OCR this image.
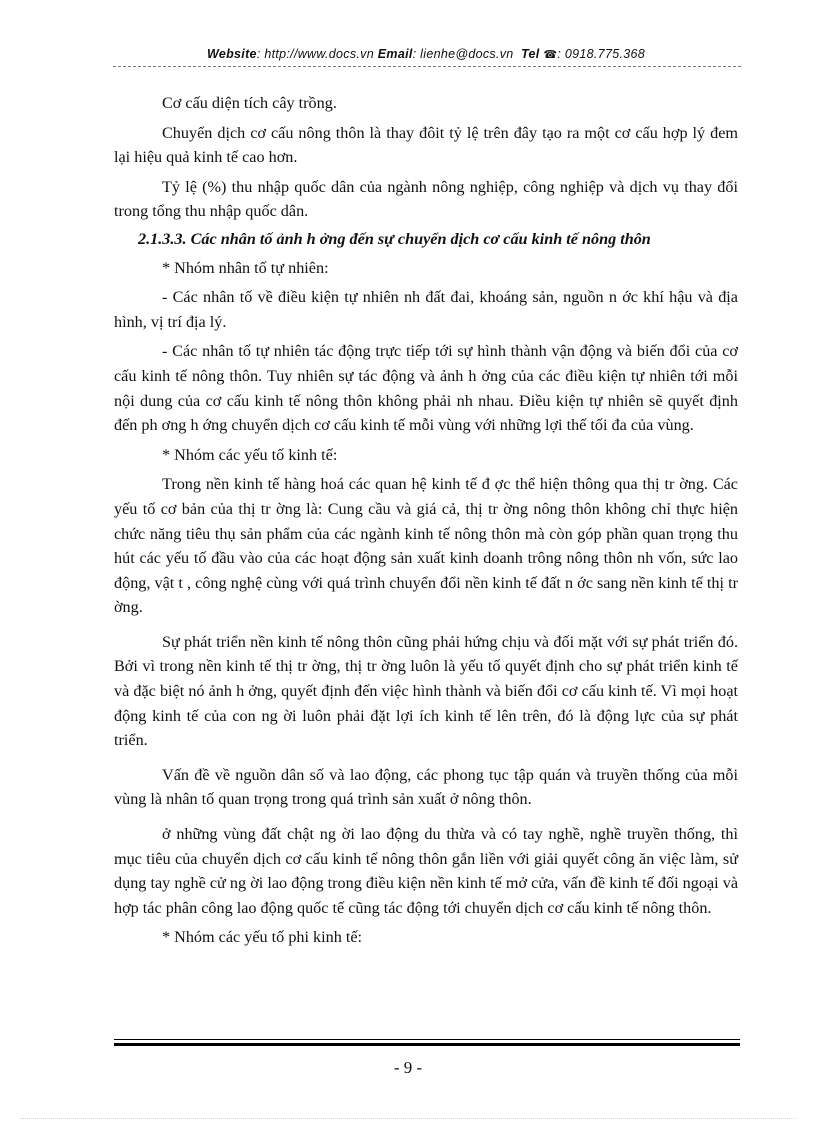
Website: http://www.docs.vn Email: lienhe@docs.vn Tel ☎: 0918.775.368

Cơ cấu diện tích cây trồng.

Chuyển dịch cơ cấu nông thôn là thay đôit tỷ lệ trên đây tạo ra một cơ cấu hợp lý đem lại hiệu quả kinh tế cao hơn.

Tỷ lệ (%) thu nhập quốc dân của ngành nông nghiệp, công nghiệp và dịch vụ thay đổi trong tổng thu nhập quốc dân.

2.1.3.3. Các nhân tố ảnh h ởng đến sự chuyển dịch cơ cấu kinh tế nông thôn

* Nhóm nhân tố tự nhiên:

- Các nhân tố về điều kiện tự nhiên nh đất đai, khoáng sản, nguồn n ớc khí hậu và địa hình, vị trí địa lý.

- Các nhân tố tự nhiên tác động trực tiếp tới sự hình thành vận động và biến đổi của cơ cấu kinh tế nông thôn. Tuy nhiên sự tác động và ảnh h ởng của các điều kiện tự nhiên tới mỗi nội dung của cơ cấu kinh tế nông thôn không phải nh nhau. Điều kiện tự nhiên sẽ quyết định đến ph ơng h ớng chuyển dịch cơ cấu kinh tế mỗi vùng với những lợi thế tối đa của vùng.

* Nhóm các yếu tố kinh tế:

Trong nền kinh tế hàng hoá các quan hệ kinh tế đ ợc thể hiện thông qua thị tr ờng. Các yếu tố cơ bản của thị tr ờng là: Cung cầu và giá cả, thị tr ờng nông thôn không chỉ thực hiện chức năng tiêu thụ sản phẩm của các ngành kinh tế nông thôn mà còn góp phần quan trọng thu hút các yếu tố đầu vào của các hoạt động sản xuất kinh doanh trông nông thôn nh vốn, sức lao động, vật t , công nghệ cùng với quá trình chuyển đổi nền kinh tế đất n ớc sang nền kinh tế thị tr ờng.

Sự phát triển nền kinh tế nông thôn cũng phải hứng chịu và đối mặt với sự phát triển đó. Bởi vì trong nền kinh tế thị tr ờng, thị tr ờng luôn là yếu tố quyết định cho sự phát triển kinh tế và đặc biệt nó ảnh h ởng, quyết định đến việc hình thành và biến đổi cơ cấu kinh tế. Vì mọi hoạt động kinh tế của con ng ời luôn phải đặt lợi ích kinh tế lên trên, đó là động lực của sự phát triển.

Vấn đề về nguồn dân số và lao động, các phong tục tập quán và truyền thống của mỗi vùng là nhân tố quan trọng trong quá trình sản xuất ở nông thôn.

ở những vùng đất chật ng ời lao động du thừa và có tay nghề, nghề truyền thống, thì mục tiêu của chuyển dịch cơ cấu kinh tế nông thôn gắn liền với giải quyết công ăn việc làm, sử dụng tay nghề cử ng ời lao động trong điều kiện nền kinh tế mở cửa, vấn đề kinh tế đối ngoại và hợp tác phân công lao động quốc tế cũng tác động tới chuyển dịch cơ cấu kinh tế nông thôn.

* Nhóm các yếu tố phi kinh tế:

- 9 -
